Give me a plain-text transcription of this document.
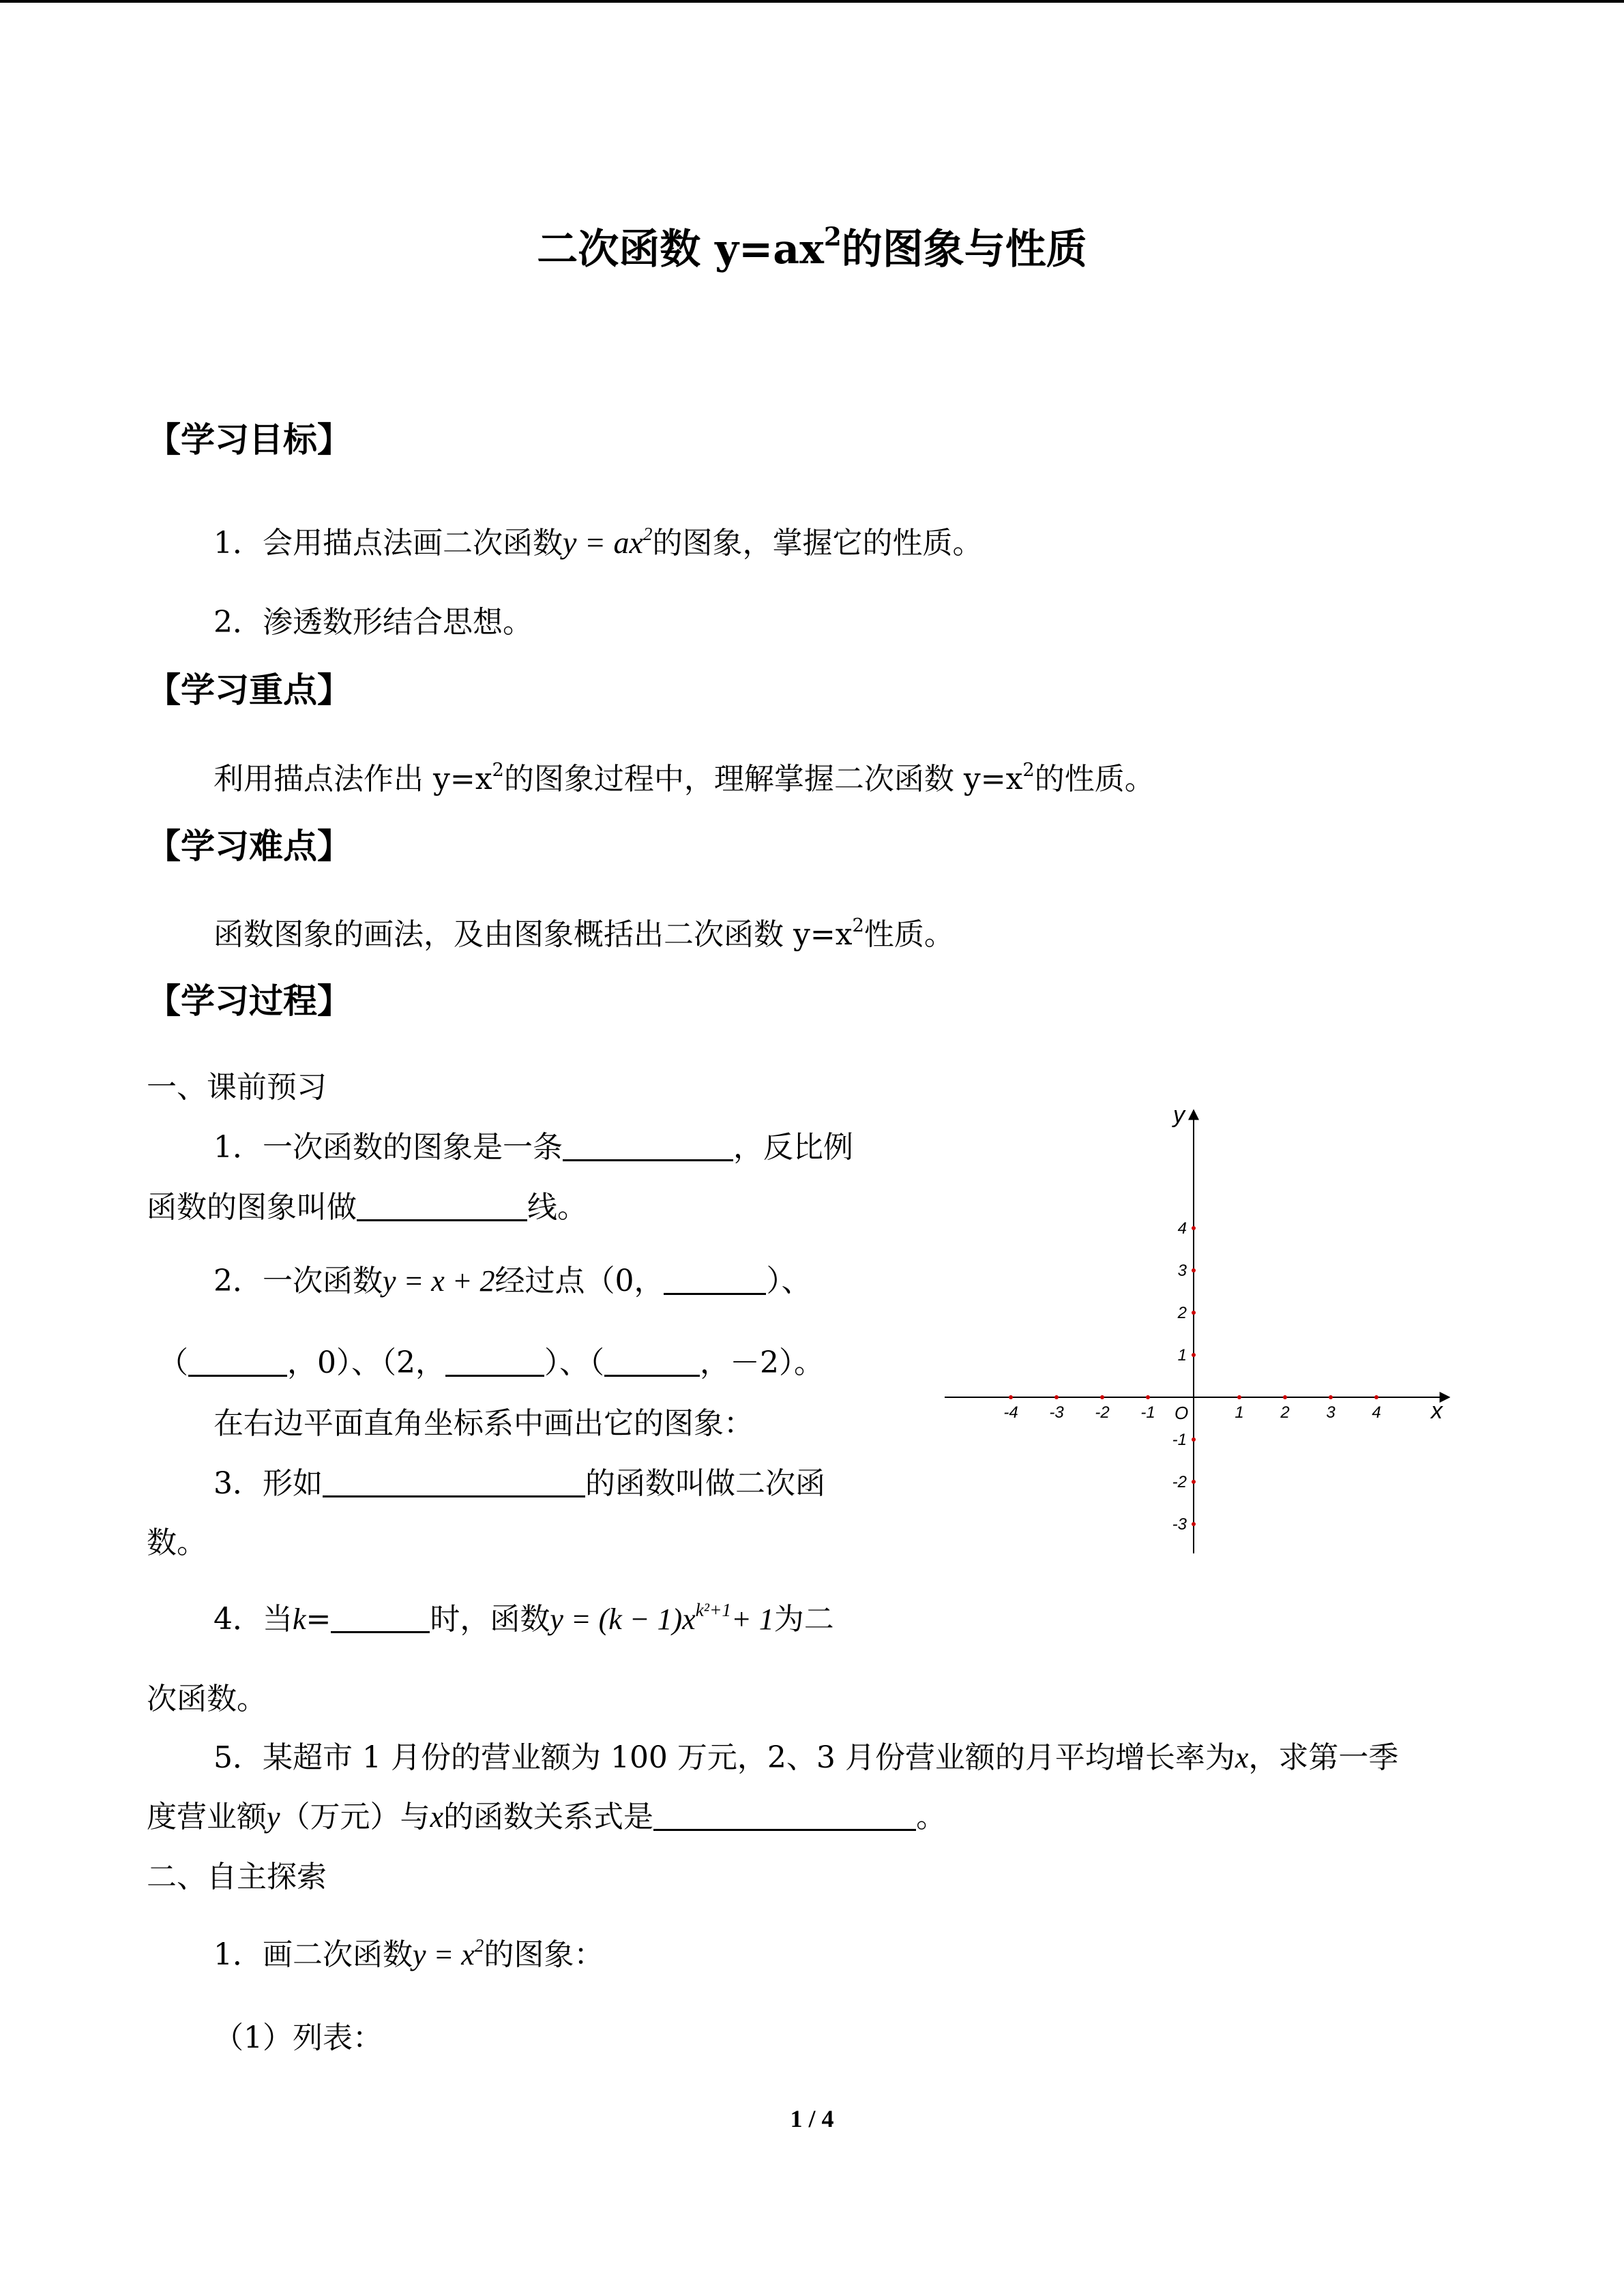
二次函数 $y=ax^2$的图象与性质
【学习目标】
1．会用描点法画二次函数$y = ax^2$的图象，掌握它的性质。
2．渗透数形结合思想。
【学习重点】
利用描点法作出 $y=x^2$的图象过程中，理解掌握二次函数 $y=x^2$的性质。
【学习难点】
函数图象的画法，及由图象概括出二次函数 $y=x^2$性质。
【学习过程】
一、课前预习
1．一次函数的图象是一条	，反比例
函数的图象叫做	线。
2．一次函数y = x + 2经过点（0，	）、
（	，0）、（2，	）、（	，－2）。
在右边平面直角坐标系中画出它的图象：
3．形如	的函数叫做二次函
数。
4．当k=	时，函数$y = (k - 1)x^{k^2+1}+ 1$为二
次函数。
5．某超市 1 月份的营业额为 100 万元，2、3 月份营业额的月平均增长率为x，求第一季
度营业额y（万元）与x的函数关系式是	。
二、自主探索
1．画二次函数$y = x^2$的图象：
（1）列表：
-4 -3 -2 -1	1 2 3 4
4
3
2
1
-1
-2
-3
x
y
O
1 / 4
